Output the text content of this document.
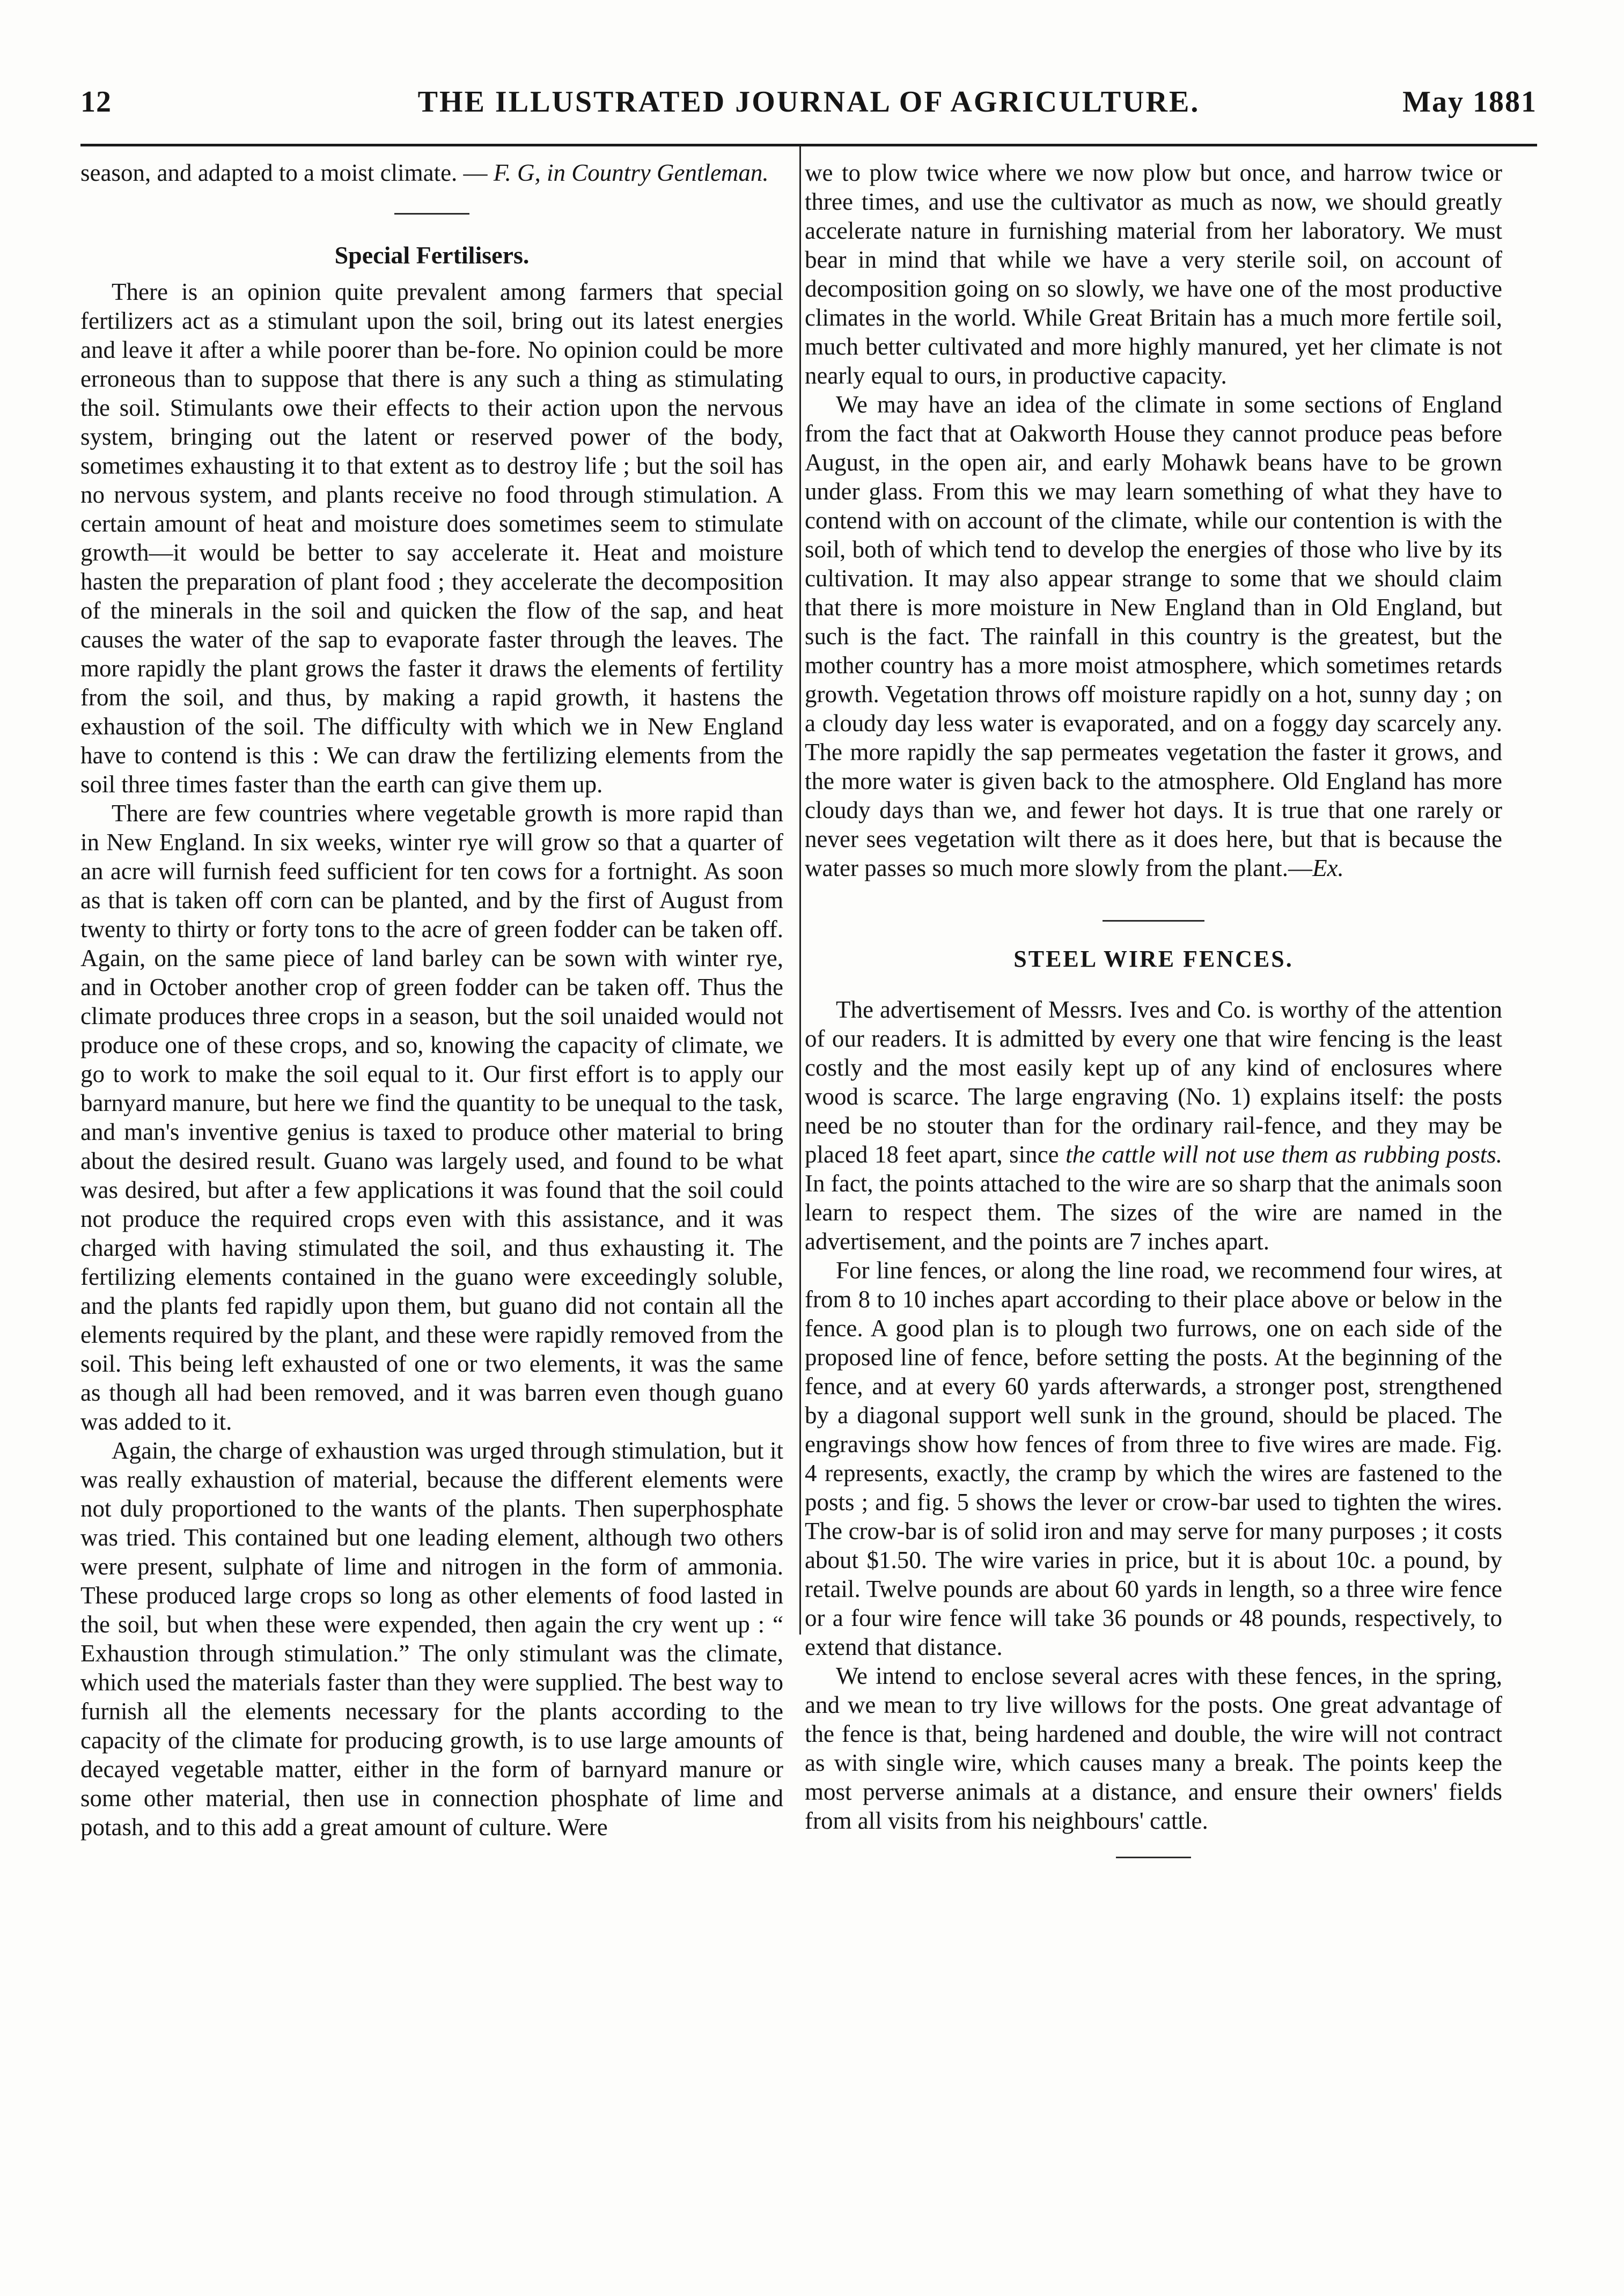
12	THE ILLUSTRATED JOURNAL OF AGRICULTURE.	May 1881

season, and adapted to a moist climate. — F. G, in Country Gentleman.

Special Fertilisers.

There is an opinion quite prevalent among farmers that special fertilizers act as a stimulant upon the soil, bring out its latest energies and leave it after a while poorer than be-fore. No opinion could be more erroneous than to suppose that there is any such a thing as stimulating the soil. Stimulants owe their effects to their action upon the nervous system, bringing out the latent or reserved power of the body, sometimes exhausting it to that extent as to destroy life ; but the soil has no nervous system, and plants receive no food through stimulation. A certain amount of heat and moisture does sometimes seem to stimulate growth—it would be better to say accelerate it. Heat and moisture hasten the preparation of plant food ; they accelerate the decomposition of the minerals in the soil and quicken the flow of the sap, and heat causes the water of the sap to evaporate faster through the leaves. The more rapidly the plant grows the faster it draws the elements of fertility from the soil, and thus, by making a rapid growth, it hastens the exhaustion of the soil. The difficulty with which we in New England have to contend is this : We can draw the fertilizing elements from the soil three times faster than the earth can give them up.

There are few countries where vegetable growth is more rapid than in New England. In six weeks, winter rye will grow so that a quarter of an acre will furnish feed sufficient for ten cows for a fortnight. As soon as that is taken off corn can be planted, and by the first of August from twenty to thirty or forty tons to the acre of green fodder can be taken off. Again, on the same piece of land barley can be sown with winter rye, and in October another crop of green fodder can be taken off. Thus the climate produces three crops in a season, but the soil unaided would not produce one of these crops, and so, knowing the capacity of climate, we go to work to make the soil equal to it. Our first effort is to apply our barnyard manure, but here we find the quantity to be unequal to the task, and man's inventive genius is taxed to produce other material to bring about the desired result. Guano was largely used, and found to be what was desired, but after a few applications it was found that the soil could not produce the required crops even with this assistance, and it was charged with having stimulated the soil, and thus exhausting it. The fertilizing elements contained in the guano were exceedingly soluble, and the plants fed rapidly upon them, but guano did not contain all the elements required by the plant, and these were rapidly removed from the soil. This being left exhausted of one or two elements, it was the same as though all had been removed, and it was barren even though guano was added to it.

Again, the charge of exhaustion was urged through stimulation, but it was really exhaustion of material, because the different elements were not duly proportioned to the wants of the plants. Then superphosphate was tried. This contained but one leading element, although two others were present, sulphate of lime and nitrogen in the form of ammonia. These produced large crops so long as other elements of food lasted in the soil, but when these were expended, then again the cry went up : “ Exhaustion through stimulation.” The only stimulant was the climate, which used the materials faster than they were supplied. The best way to furnish all the elements necessary for the plants according to the capacity of the climate for producing growth, is to use large amounts of decayed vegetable matter, either in the form of barnyard manure or some other material, then use in connection phosphate of lime and potash, and to this add a great amount of culture. Were

we to plow twice where we now plow but once, and harrow twice or three times, and use the cultivator as much as now, we should greatly accelerate nature in furnishing material from her laboratory. We must bear in mind that while we have a very sterile soil, on account of decomposition going on so slowly, we have one of the most productive climates in the world. While Great Britain has a much more fertile soil, much better cultivated and more highly manured, yet her climate is not nearly equal to ours, in productive capacity.

We may have an idea of the climate in some sections of England from the fact that at Oakworth House they cannot produce peas before August, in the open air, and early Mohawk beans have to be grown under glass. From this we may learn something of what they have to contend with on account of the climate, while our contention is with the soil, both of which tend to develop the energies of those who live by its cultivation. It may also appear strange to some that we should claim that there is more moisture in New England than in Old England, but such is the fact. The rainfall in this country is the greatest, but the mother country has a more moist atmosphere, which sometimes retards growth. Vegetation throws off moisture rapidly on a hot, sunny day ; on a cloudy day less water is evaporated, and on a foggy day scarcely any. The more rapidly the sap permeates vegetation the faster it grows, and the more water is given back to the atmosphere. Old England has more cloudy days than we, and fewer hot days. It is true that one rarely or never sees vegetation wilt there as it does here, but that is because the water passes so much more slowly from the plant.—Ex.

STEEL WIRE FENCES.

The advertisement of Messrs. Ives and Co. is worthy of the attention of our readers. It is admitted by every one that wire fencing is the least costly and the most easily kept up of any kind of enclosures where wood is scarce. The large engraving (No. 1) explains itself: the posts need be no stouter than for the ordinary rail-fence, and they may be placed 18 feet apart, since the cattle will not use them as rubbing posts. In fact, the points attached to the wire are so sharp that the animals soon learn to respect them. The sizes of the wire are named in the advertisement, and the points are 7 inches apart.

For line fences, or along the line road, we recommend four wires, at from 8 to 10 inches apart according to their place above or below in the fence. A good plan is to plough two furrows, one on each side of the proposed line of fence, before setting the posts. At the beginning of the fence, and at every 60 yards afterwards, a stronger post, strengthened by a diagonal support well sunk in the ground, should be placed. The engravings show how fences of from three to five wires are made. Fig. 4 represents, exactly, the cramp by which the wires are fastened to the posts ; and fig. 5 shows the lever or crow-bar used to tighten the wires. The crow-bar is of solid iron and may serve for many purposes ; it costs about $1.50. The wire varies in price, but it is about 10c. a pound, by retail. Twelve pounds are about 60 yards in length, so a three wire fence or a four wire fence will take 36 pounds or 48 pounds, respectively, to extend that distance.

We intend to enclose several acres with these fences, in the spring, and we mean to try live willows for the posts. One great advantage of the fence is that, being hardened and double, the wire will not contract as with single wire, which causes many a break. The points keep the most perverse animals at a distance, and ensure their owners' fields from all visits from his neighbours' cattle.
